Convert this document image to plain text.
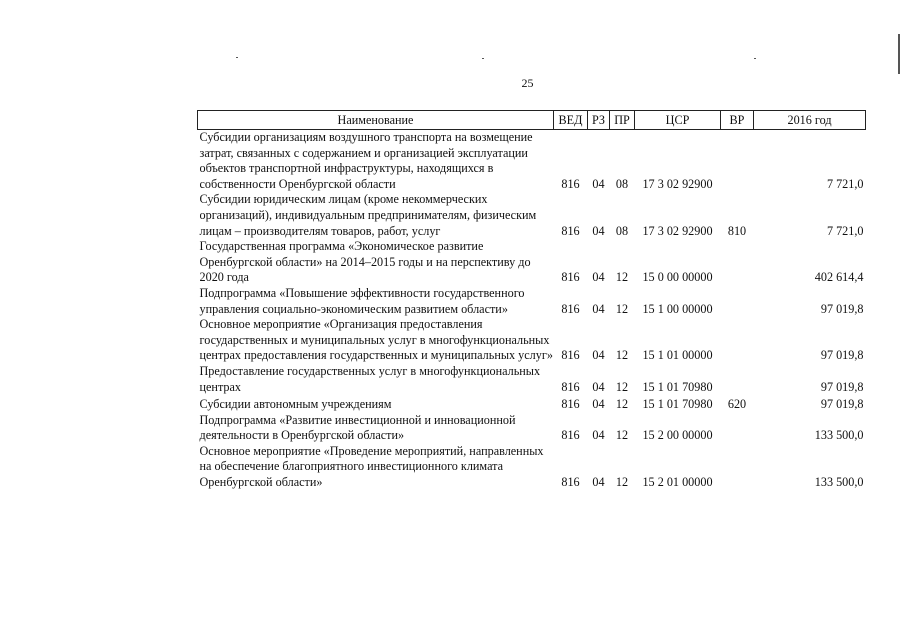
25
Наименование	ВЕД	РЗ	ПР	ЦСР	ВР	2016 год
Субсидии организациям воздушного транспорта на возмещение затрат, связанных с содержанием и организацией эксплуатации объектов транспортной инфраструктуры, находящихся в собственности Оренбургской области	816	04	08	17 3 02 92900		7 721,0
Субсидии юридическим лицам (кроме некоммерческих организаций), индивидуальным предпринимателям, физическим лицам – производителям товаров, работ, услуг	816	04	08	17 3 02 92900	810	7 721,0
Государственная программа «Экономическое развитие Оренбургской области» на 2014–2015 годы и на перспективу до 2020 года	816	04	12	15 0 00 00000		402 614,4
Подпрограмма «Повышение эффективности государственного управления социально-экономическим развитием области»	816	04	12	15 1 00 00000		97 019,8
Основное мероприятие «Организация предоставления государственных и муниципальных услуг в многофункциональных центрах предоставления государственных и муниципальных услуг»	816	04	12	15 1 01 00000		97 019,8
Предоставление государственных услуг в многофункциональных центрах	816	04	12	15 1 01 70980		97 019,8
Субсидии автономным учреждениям	816	04	12	15 1 01 70980	620	97 019,8
Подпрограмма «Развитие инвестиционной и инновационной деятельности в Оренбургской области»	816	04	12	15 2 00 00000		133 500,0
Основное мероприятие «Проведение мероприятий, направленных на обеспечение благоприятного инвестиционного климата Оренбургской области»	816	04	12	15 2 01 00000		133 500,0
